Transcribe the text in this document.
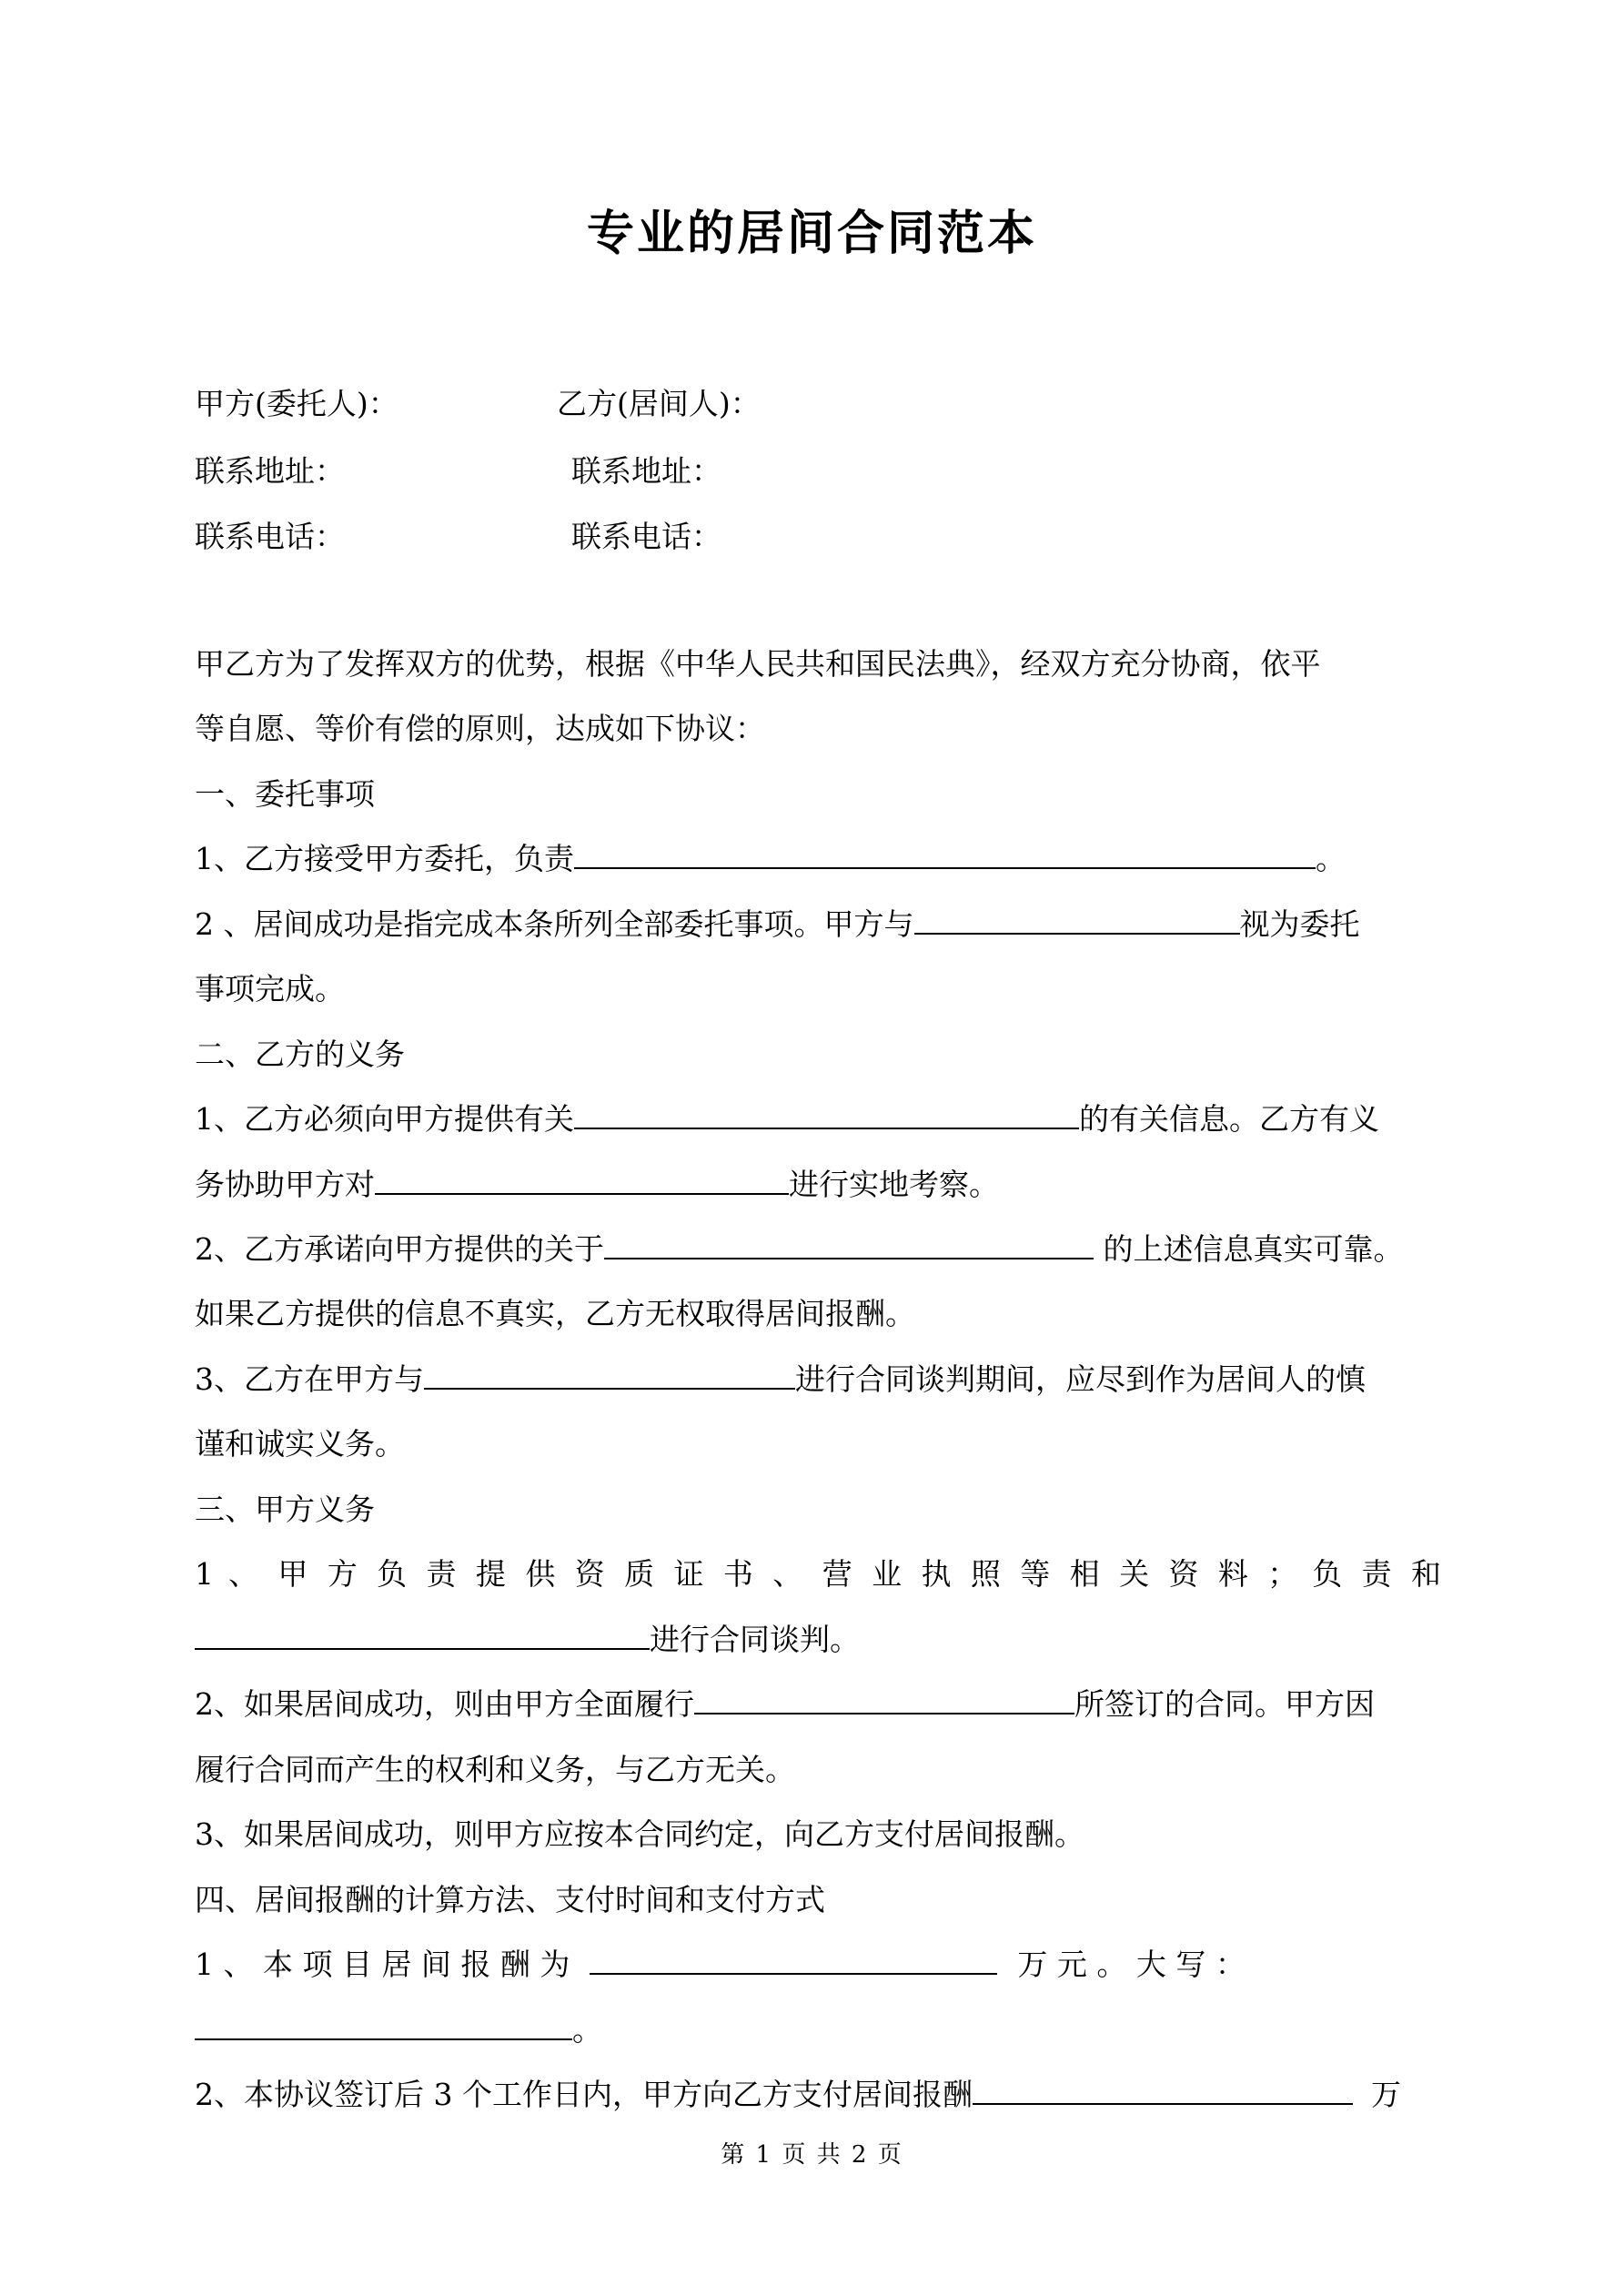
专业的居间合同范本
甲方(委托人)：	乙方(居间人)：
联系地址：	联系地址：
联系电话：	联系电话：
甲乙方为了发挥双方的优势，根据《中华人民共和国民法典》，经双方充分协商，依平
等自愿、等价有偿的原则，达成如下协议：
一、委托事项
1、乙方接受甲方委托，负责	。
2 、居间成功是指完成本条所列全部委托事项。甲方与	视为委托
事项完成。
二、乙方的义务
1、乙方必须向甲方提供有关	的有关信息。乙方有义
务协助甲方对	进行实地考察。
2、乙方承诺向甲方提供的关于	的上述信息真实可靠。
如果乙方提供的信息不真实，乙方无权取得居间报酬。
3、乙方在甲方与	进行合同谈判期间，应尽到作为居间人的慎
谨和诚实义务。
三、甲方义务
1 、 甲 方 负 责 提 供 资 质 证 书 、 营 业 执 照 等 相 关 资 料 ； 负 责 和
进行合同谈判。
2、如果居间成功，则由甲方全面履行	所签订的合同。甲方因
履行合同而产生的权利和义务，与乙方无关。
3、如果居间成功，则甲方应按本合同约定，向乙方支付居间报酬。
四、居间报酬的计算方法、支付时间和支付方式
1 、 本 项 目 居 间 报 酬 为	万 元 。 大 写 ：
。
2、本协议签订后 3 个工作日内，甲方向乙方支付居间报酬	万
第 1 页 共 2 页
